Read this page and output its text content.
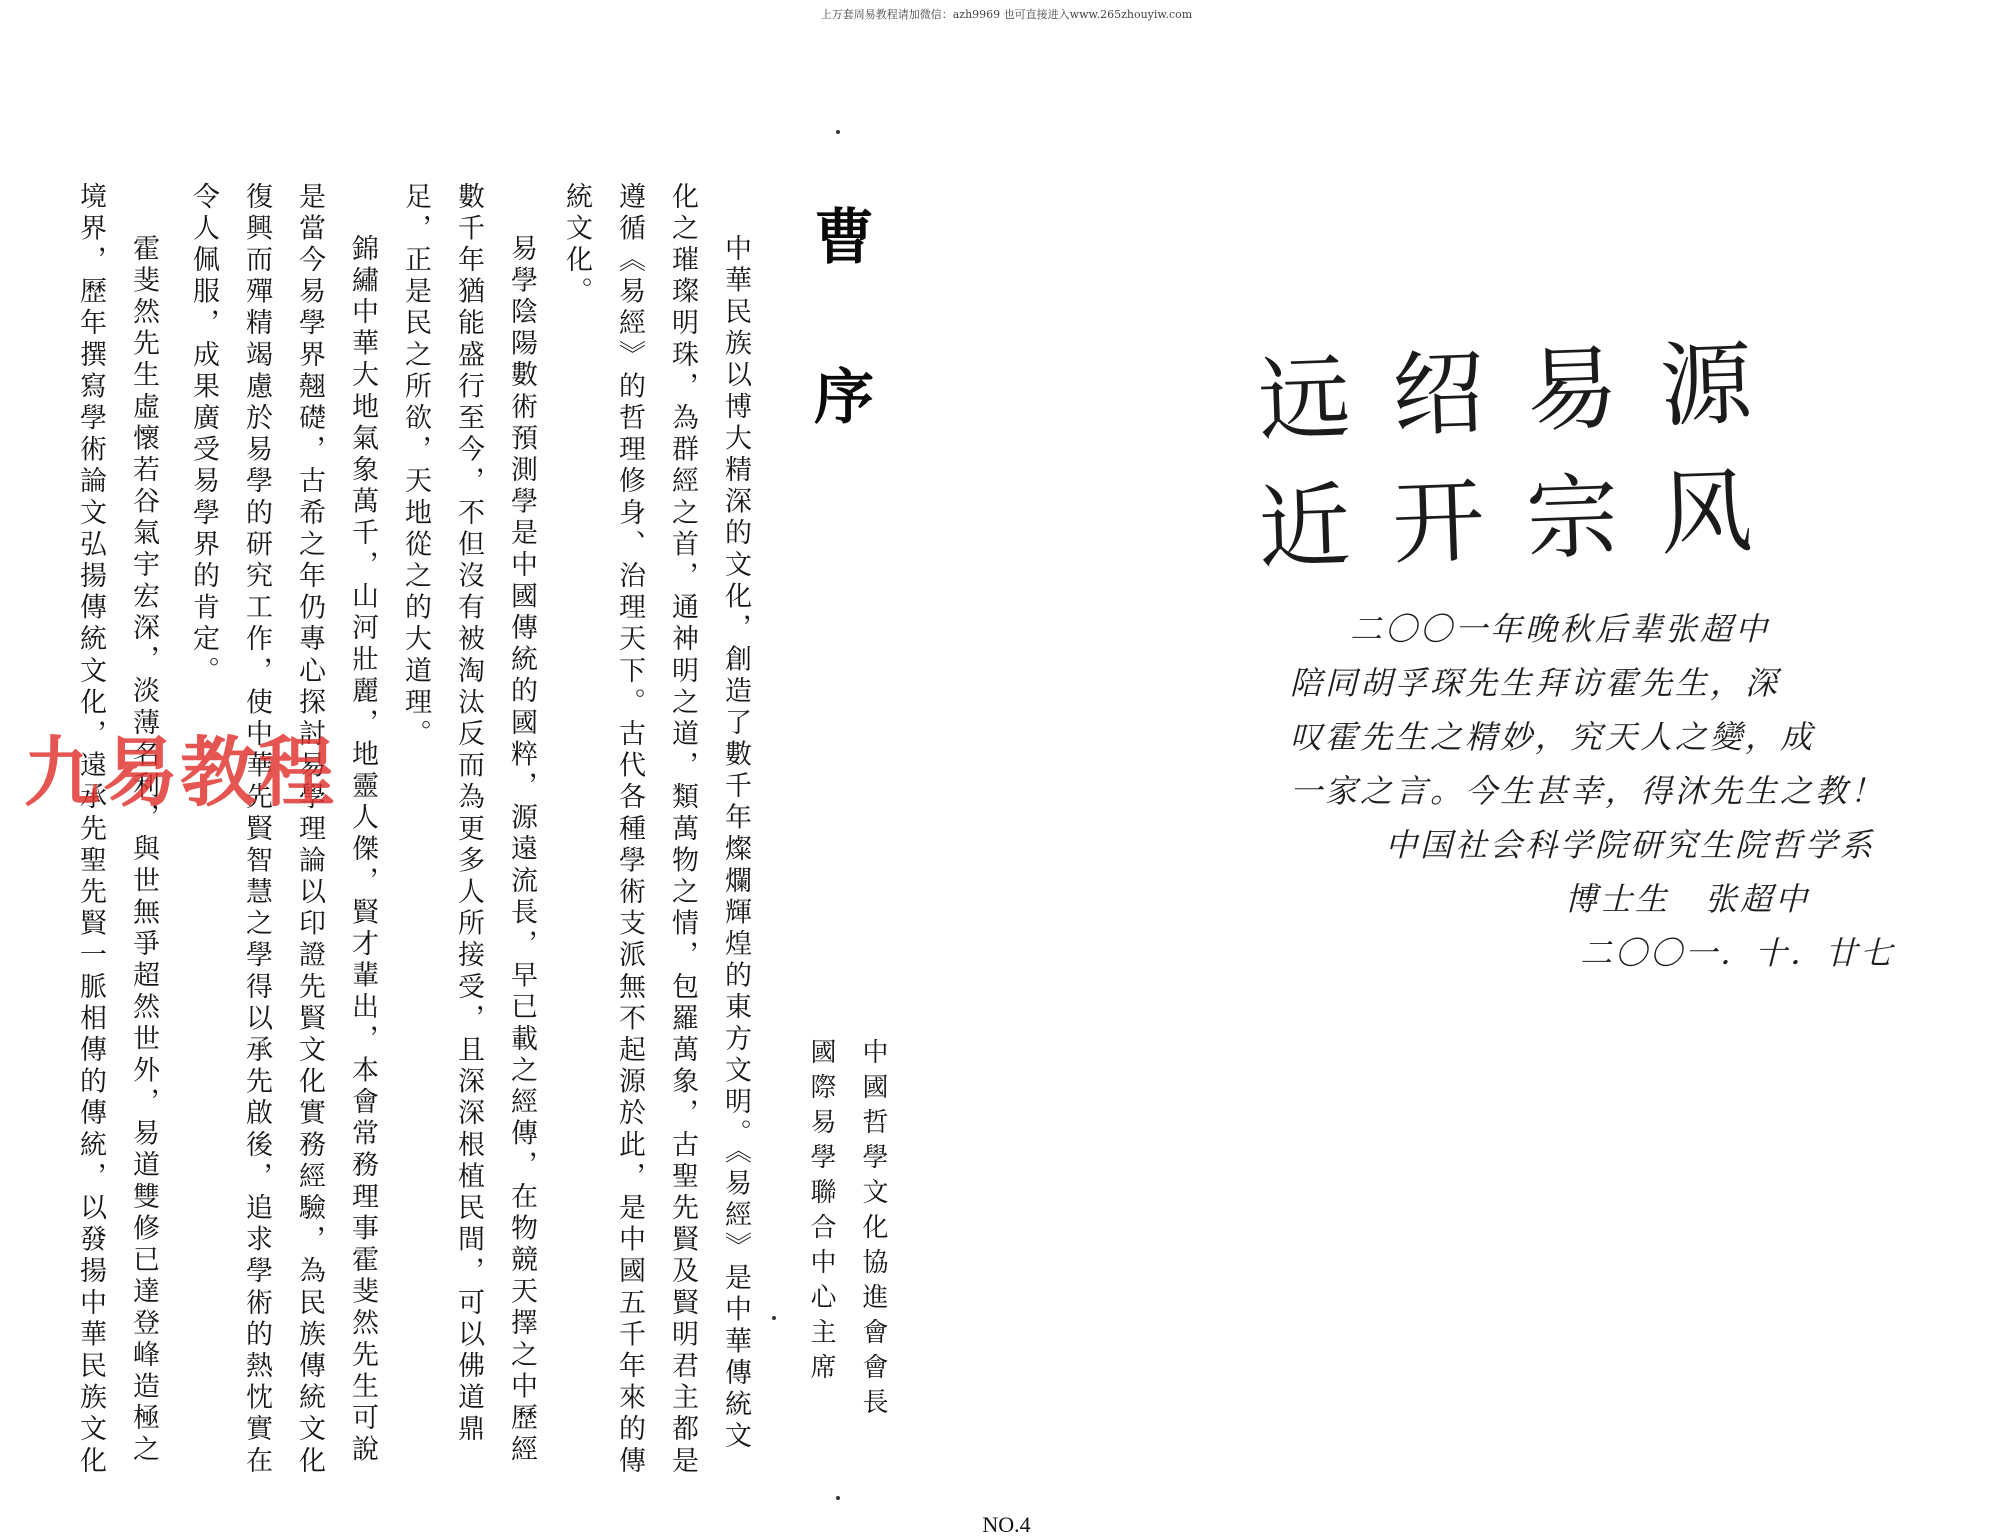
上万套周易教程请加微信：azh9969 也可直接进入www.265zhouyiw.com
曹
序
中國哲學文化協進會會長
國際易學聯合中心主席
中華民族以博大精深的文化，創造了數千年燦爛輝煌的東方文明。《易經》是中華傳統文
化之璀璨明珠，為群經之首，通神明之道，類萬物之情，包羅萬象，古聖先賢及賢明君主都是
遵循《易經》的哲理修身、治理天下。古代各種學術支派無不起源於此，是中國五千年來的傳
統文化。
易學陰陽數術預測學是中國傳統的國粹，源遠流長，早已載之經傳，在物競天擇之中歷經
數千年猶能盛行至今，不但沒有被淘汰反而為更多人所接受，且深深根植民間，可以佛道鼎
足，正是民之所欲，天地從之的大道理。
錦繡中華大地氣象萬千，山河壯麗，地靈人傑，賢才輩出，本會常務理事霍斐然先生可說
是當今易學界翹礎，古希之年仍專心探討易學理論以印證先賢文化實務經驗，為民族傳統文化
復興而殫精竭慮於易學的研究工作，使中華先賢智慧之學得以承先啟後，追求學術的熱忱實在
令人佩服，成果廣受易學界的肯定。
霍斐然先生虛懷若谷氣宇宏深，淡薄名利，與世無爭超然世外，易道雙修已達登峰造極之
境界，歷年撰寫學術論文弘揚傳統文化，遠承先聖先賢一脈相傳的傳統，以發揚中華民族文化
九易教程
远绍易源
近开宗风
二〇〇一年晚秋后辈张超中
陪同胡孚琛先生拜访霍先生，深
叹霍先生之精妙，究天人之變，成
一家之言。今生甚幸，得沐先生之教！
中国社会科学院研究生院哲学系
博士生　张超中
二〇〇一．十．廿七
NO.4
